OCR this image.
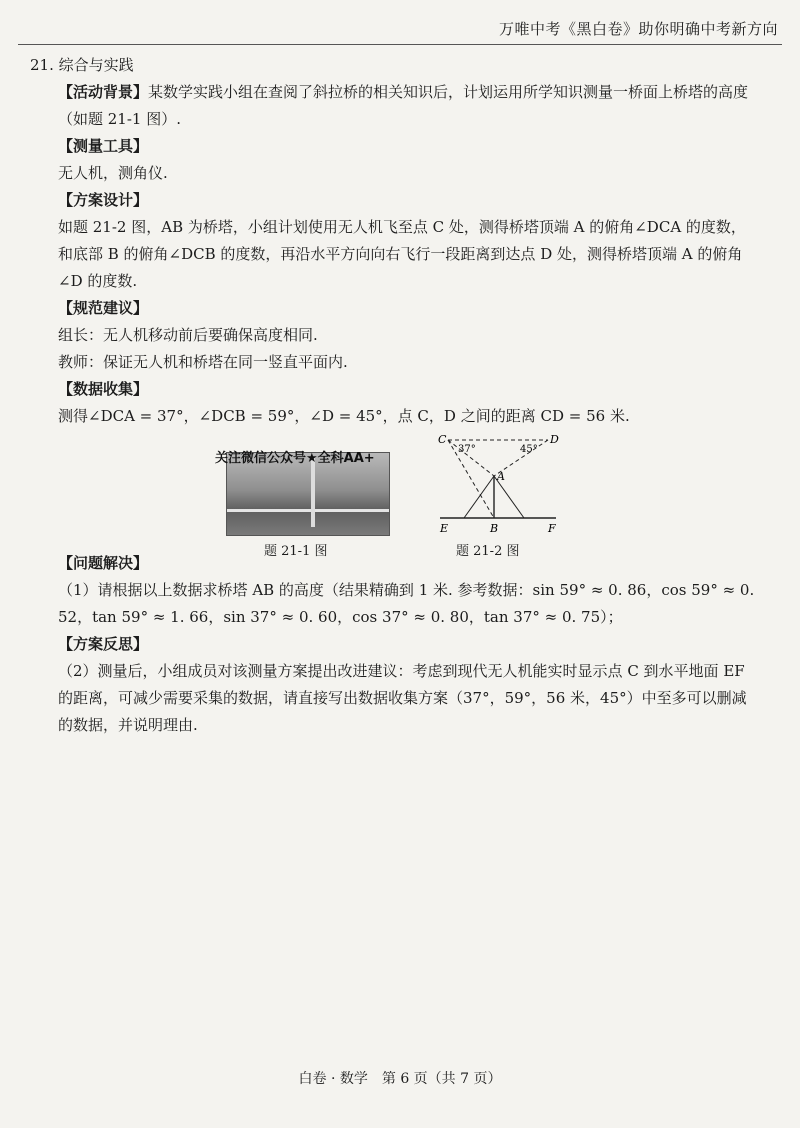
万唯中考《黑白卷》助你明确中考新方向

21. 综合与实践

【活动背景】某数学实践小组在查阅了斜拉桥的相关知识后，计划运用所学知识测量一桥面上桥塔的高度（如题 21-1 图）.

【测量工具】

无人机，测角仪.

【方案设计】

如题 21-2 图，AB 为桥塔，小组计划使用无人机飞至点 C 处，测得桥塔顶端 A 的俯角∠DCA 的度数，和底部 B 的俯角∠DCB 的度数，再沿水平方向向右飞行一段距离到达点 D 处，测得桥塔顶端 A 的俯角∠D 的度数.

【规范建议】

组长：无人机移动前后要确保高度相同.

教师：保证无人机和桥塔在同一竖直平面内.

【数据收集】

测得∠DCA = 37°，∠DCB = 59°，∠D = 45°，点 C，D 之间的距离 CD = 56 米.

关注微信公众号★全科AA+
题 21-1 图
C	D
A
B
E	F
37°	45°
题 21-2 图

【问题解决】

（1）请根据以上数据求桥塔 AB 的高度（结果精确到 1 米. 参考数据：sin 59° ≈ 0. 86，cos 59° ≈ 0. 52，tan 59° ≈ 1. 66，sin 37° ≈ 0. 60，cos 37° ≈ 0. 80，tan 37° ≈ 0. 75）；

【方案反思】

（2）测量后，小组成员对该测量方案提出改进建议：考虑到现代无人机能实时显示点 C 到水平地面 EF 的距离，可减少需要采集的数据，请直接写出数据收集方案（37°，59°，56 米，45°）中至多可以删减的数据，并说明理由.

白卷 · 数学　第 6 页（共 7 页）
